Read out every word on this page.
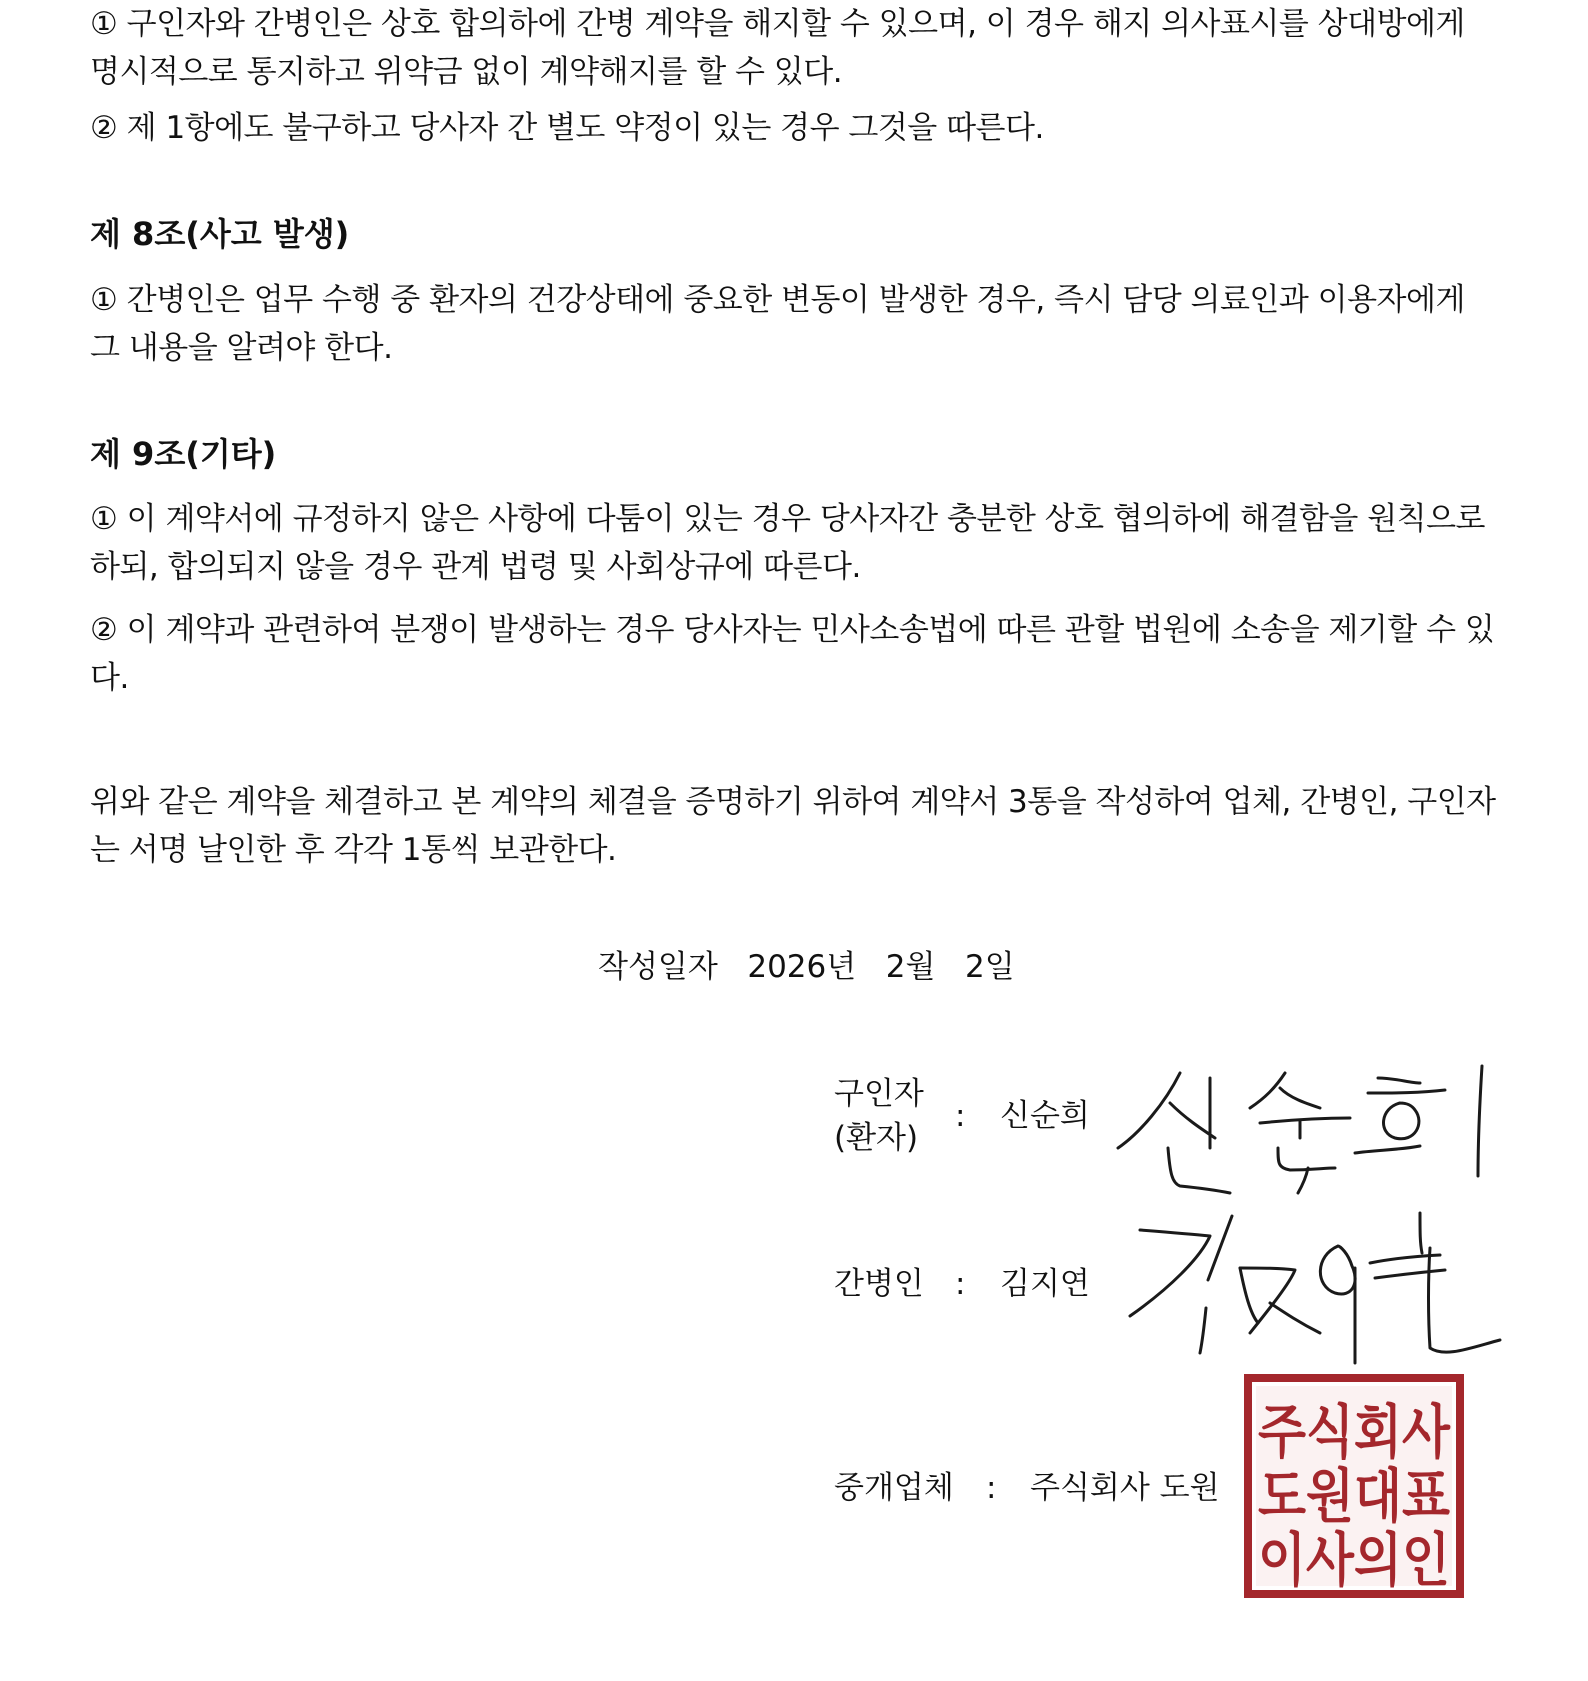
① 구인자와 간병인은 상호 합의하에 간병 계약을 해지할 수 있으며, 이 경우 해지 의사표시를 상대방에게 명시적으로 통지하고 위약금 없이 계약해지를 할 수 있다.

② 제 1항에도 불구하고 당사자 간 별도 약정이 있는 경우 그것을 따른다.

제 8조(사고 발생)

① 간병인은 업무 수행 중 환자의 건강상태에 중요한 변동이 발생한 경우, 즉시 담당 의료인과 이용자에게 그 내용을 알려야 한다.

제 9조(기타)

① 이 계약서에 규정하지 않은 사항에 다툼이 있는 경우 당사자간 충분한 상호 협의하에 해결함을 원칙으로 하되, 합의되지 않을 경우 관계 법령 및 사회상규에 따른다.

② 이 계약과 관련하여 분쟁이 발생하는 경우 당사자는 민사소송법에 따른 관할 법원에 소송을 제기할 수 있다.

위와 같은 계약을 체결하고 본 계약의 체결을 증명하기 위하여 계약서 3통을 작성하여 업체, 간병인, 구인자는 서명 날인한 후 각각 1통씩 보관한다.

작성일자 2026년   2월   2일
구인자
(환자)
: 신순희
간병인 : 김지연
중개업체 : 주식회사 도원
주식회사
도원대표
이사의인
